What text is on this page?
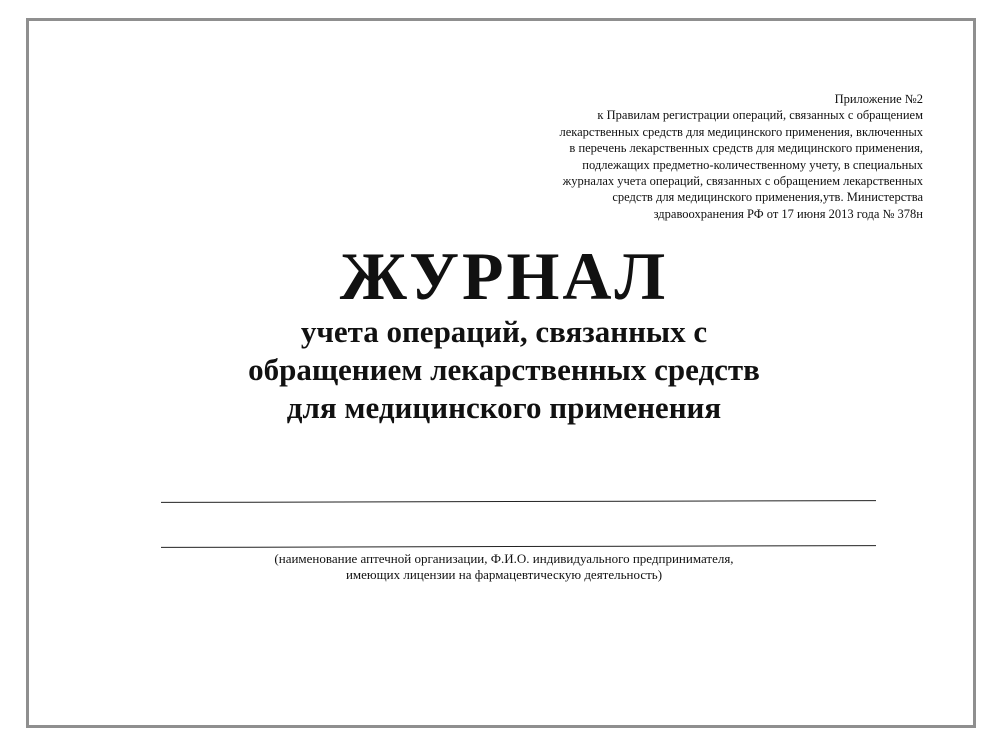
Приложение №2
к Правилам регистрации операций, связанных с обращением
лекарственных средств для медицинского применения, включенных
в перечень лекарственных средств для медицинского применения,
подлежащих предметно-количественному учету, в специальных
журналах учета операций, связанных с обращением лекарственных
средств для медицинского применения,утв. Министерства
здравоохранения РФ от 17 июня 2013 года № 378н
ЖУРНАЛ
учета операций, связанных с
обращением лекарственных средств
для медицинского применения
(наименование аптечной организации, Ф.И.О. индивидуального предпринимателя,
имеющих лицензии на фармацевтическую деятельность)
